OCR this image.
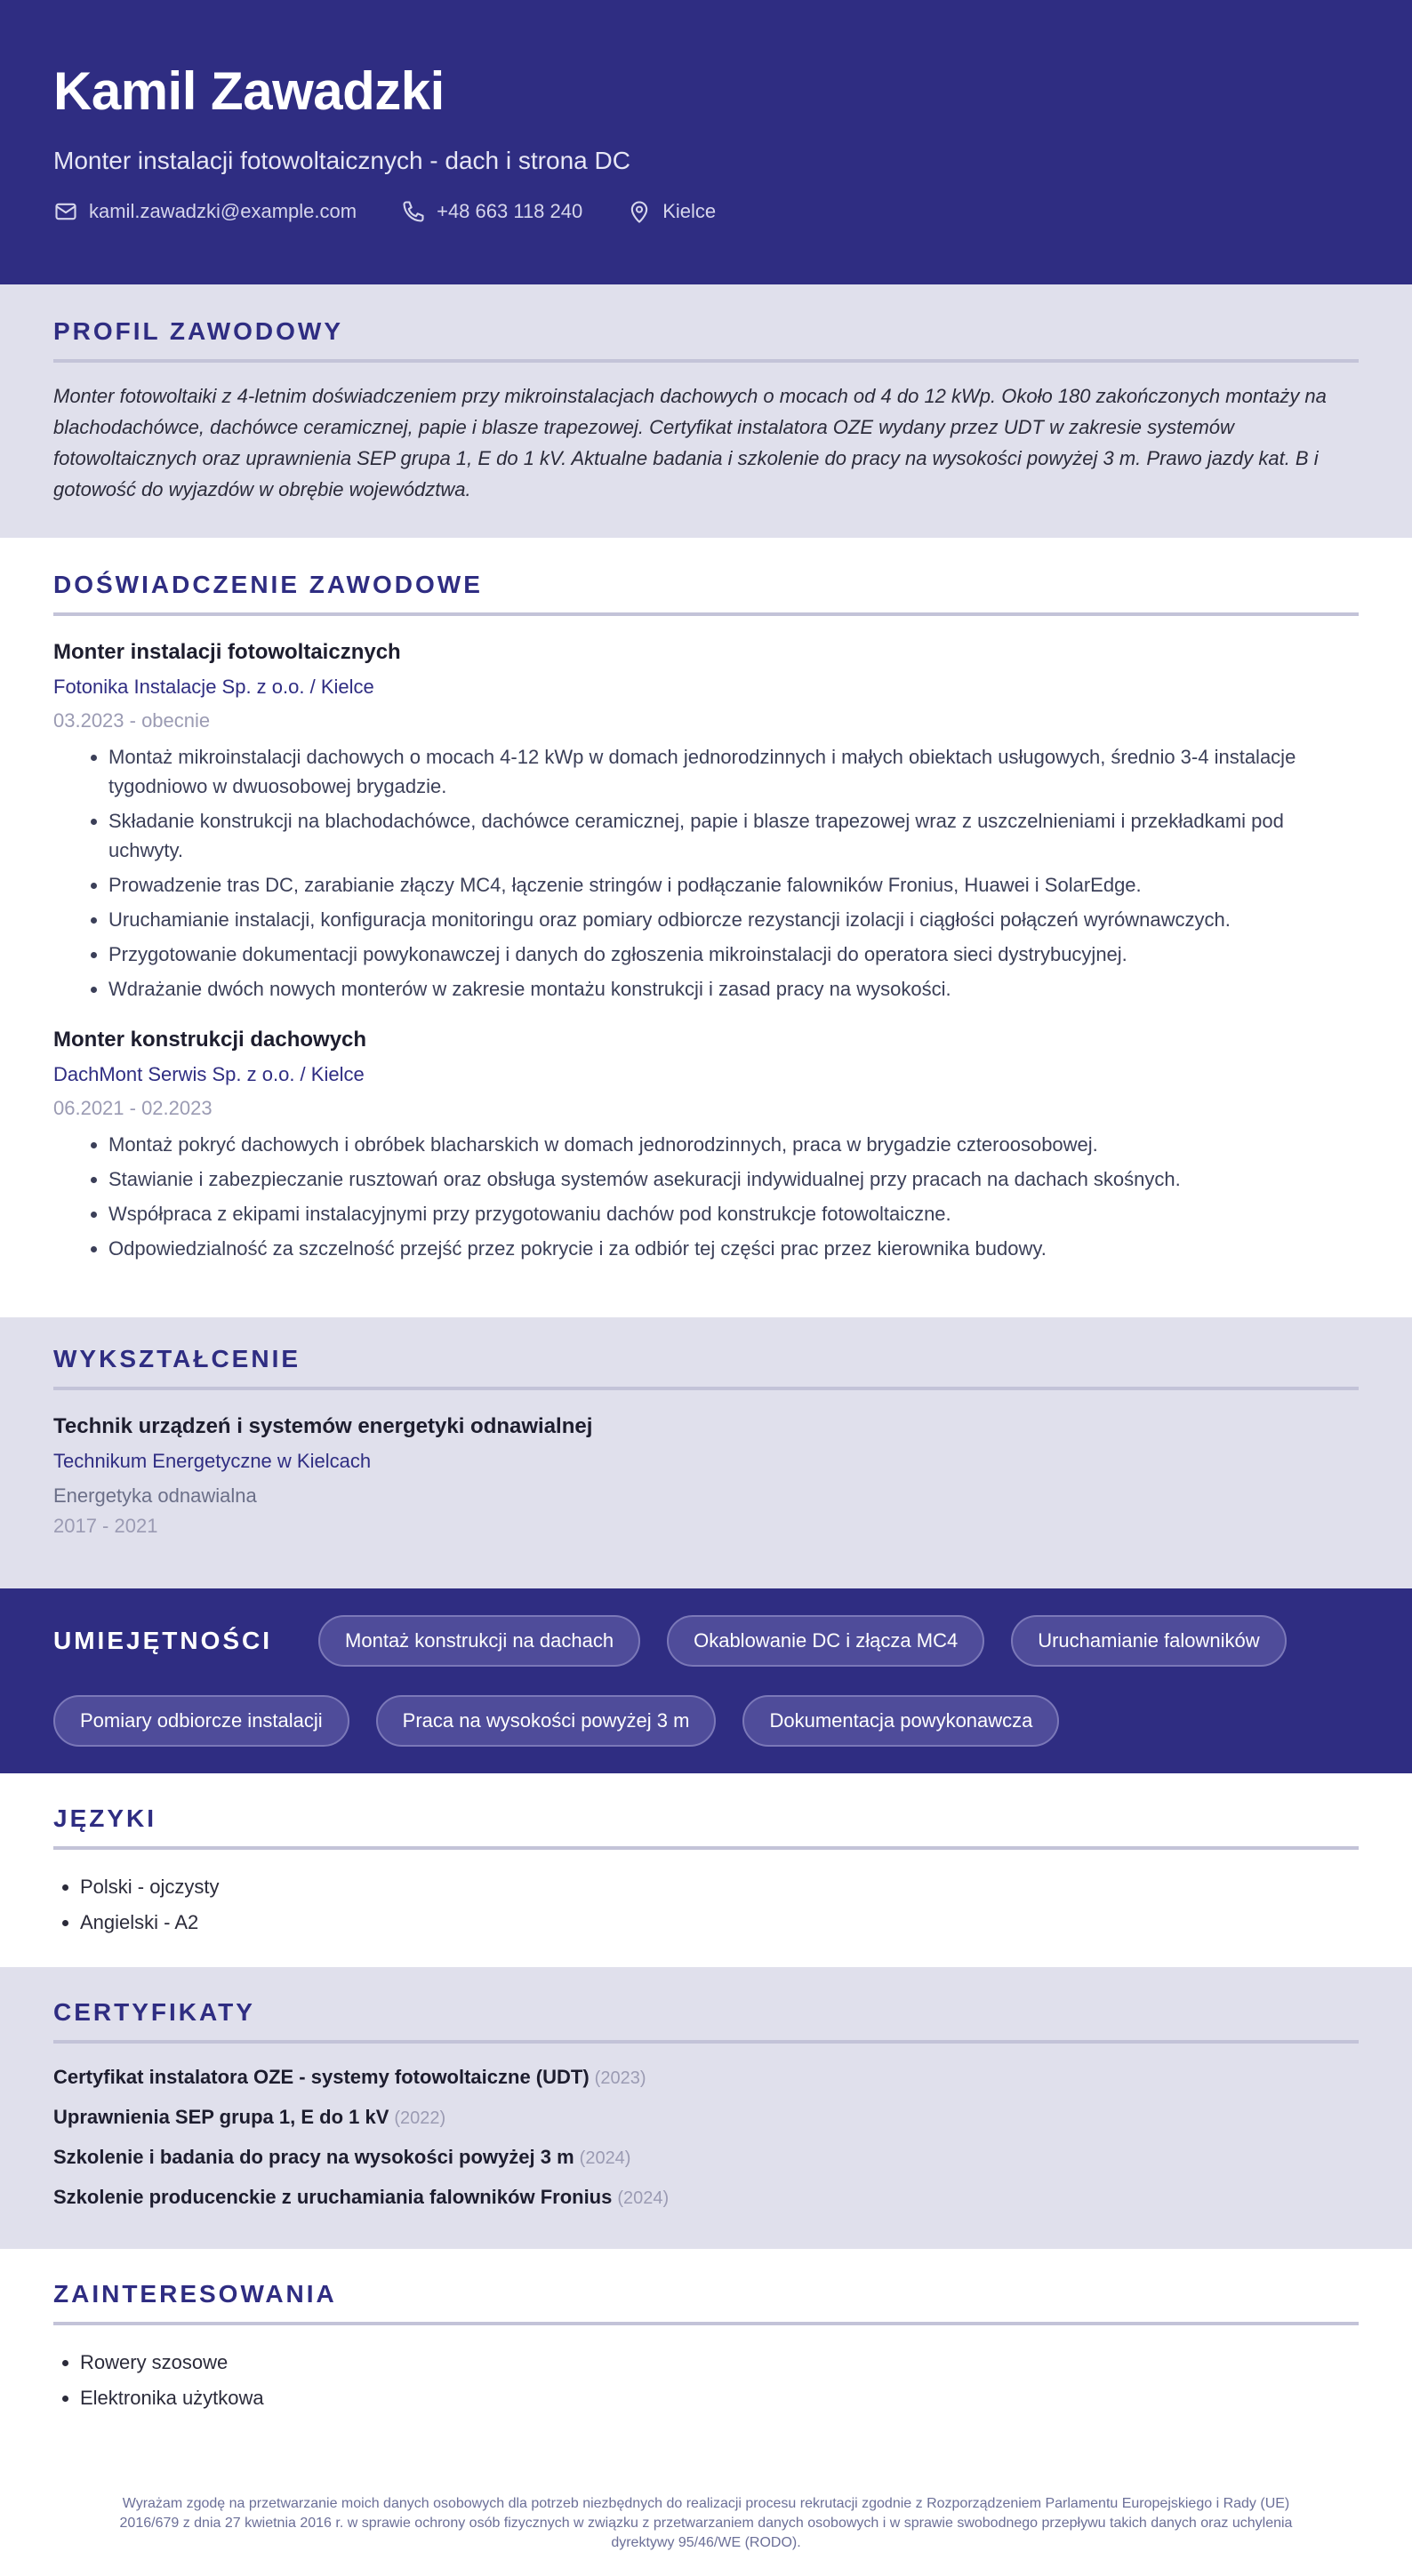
Kamil Zawadzki
Monter instalacji fotowoltaicznych - dach i strona DC
kamil.zawadzki@example.com	+48 663 118 240	Kielce
PROFIL ZAWODOWY

Monter fotowoltaiki z 4-letnim doświadczeniem przy mikroinstalacjach dachowych o mocach od 4 do 12 kWp. Około 180 zakończonych montaży na blachodachówce, dachówce ceramicznej, papie i blasze trapezowej. Certyfikat instalatora OZE wydany przez UDT w zakresie systemów fotowoltaicznych oraz uprawnienia SEP grupa 1, E do 1 kV. Aktualne badania i szkolenie do pracy na wysokości powyżej 3 m. Prawo jazdy kat. B i gotowość do wyjazdów w obrębie województwa.

DOŚWIADCZENIE ZAWODOWE
Monter instalacji fotowoltaicznych
Fotonika Instalacje Sp. z o.o. / Kielce
03.2023 - obecnie
• Montaż mikroinstalacji dachowych o mocach 4-12 kWp w domach jednorodzinnych i małych obiektach usługowych, średnio 3-4 instalacje tygodniowo w dwuosobowej brygadzie.
• Składanie konstrukcji na blachodachówce, dachówce ceramicznej, papie i blasze trapezowej wraz z uszczelnieniami i przekładkami pod uchwyty.
• Prowadzenie tras DC, zarabianie złączy MC4, łączenie stringów i podłączanie falowników Fronius, Huawei i SolarEdge.
• Uruchamianie instalacji, konfiguracja monitoringu oraz pomiary odbiorcze rezystancji izolacji i ciągłości połączeń wyrównawczych.
• Przygotowanie dokumentacji powykonawczej i danych do zgłoszenia mikroinstalacji do operatora sieci dystrybucyjnej.
• Wdrażanie dwóch nowych monterów w zakresie montażu konstrukcji i zasad pracy na wysokości.
Monter konstrukcji dachowych
DachMont Serwis Sp. z o.o. / Kielce
06.2021 - 02.2023
• Montaż pokryć dachowych i obróbek blacharskich w domach jednorodzinnych, praca w brygadzie czteroosobowej.
• Stawianie i zabezpieczanie rusztowań oraz obsługa systemów asekuracji indywidualnej przy pracach na dachach skośnych.
• Współpraca z ekipami instalacyjnymi przy przygotowaniu dachów pod konstrukcje fotowoltaiczne.
• Odpowiedzialność za szczelność przejść przez pokrycie i za odbiór tej części prac przez kierownika budowy.
WYKSZTAŁCENIE
Technik urządzeń i systemów energetyki odnawialnej
Technikum Energetyczne w Kielcach
Energetyka odnawialna
2017 - 2021
UMIEJĘTNOŚCI	Montaż konstrukcji na dachach	Okablowanie DC i złącza MC4	Uruchamianie falowników
Pomiary odbiorcze instalacji	Praca na wysokości powyżej 3 m	Dokumentacja powykonawcza
JĘZYKI
• Polski - ojczysty
• Angielski - A2
CERTYFIKATY
Certyfikat instalatora OZE - systemy fotowoltaiczne (UDT) (2023)
Uprawnienia SEP grupa 1, E do 1 kV (2022)
Szkolenie i badania do pracy na wysokości powyżej 3 m (2024)
Szkolenie producenckie z uruchamiania falowników Fronius (2024)
ZAINTERESOWANIA
• Rowery szosowe
• Elektronika użytkowa
Wyrażam zgodę na przetwarzanie moich danych osobowych dla potrzeb niezbędnych do realizacji procesu rekrutacji zgodnie z Rozporządzeniem Parlamentu Europejskiego i Rady (UE) 2016/679 z dnia 27 kwietnia 2016 r. w sprawie ochrony osób fizycznych w związku z przetwarzaniem danych osobowych i w sprawie swobodnego przepływu takich danych oraz uchylenia dyrektywy 95/46/WE (RODO).
